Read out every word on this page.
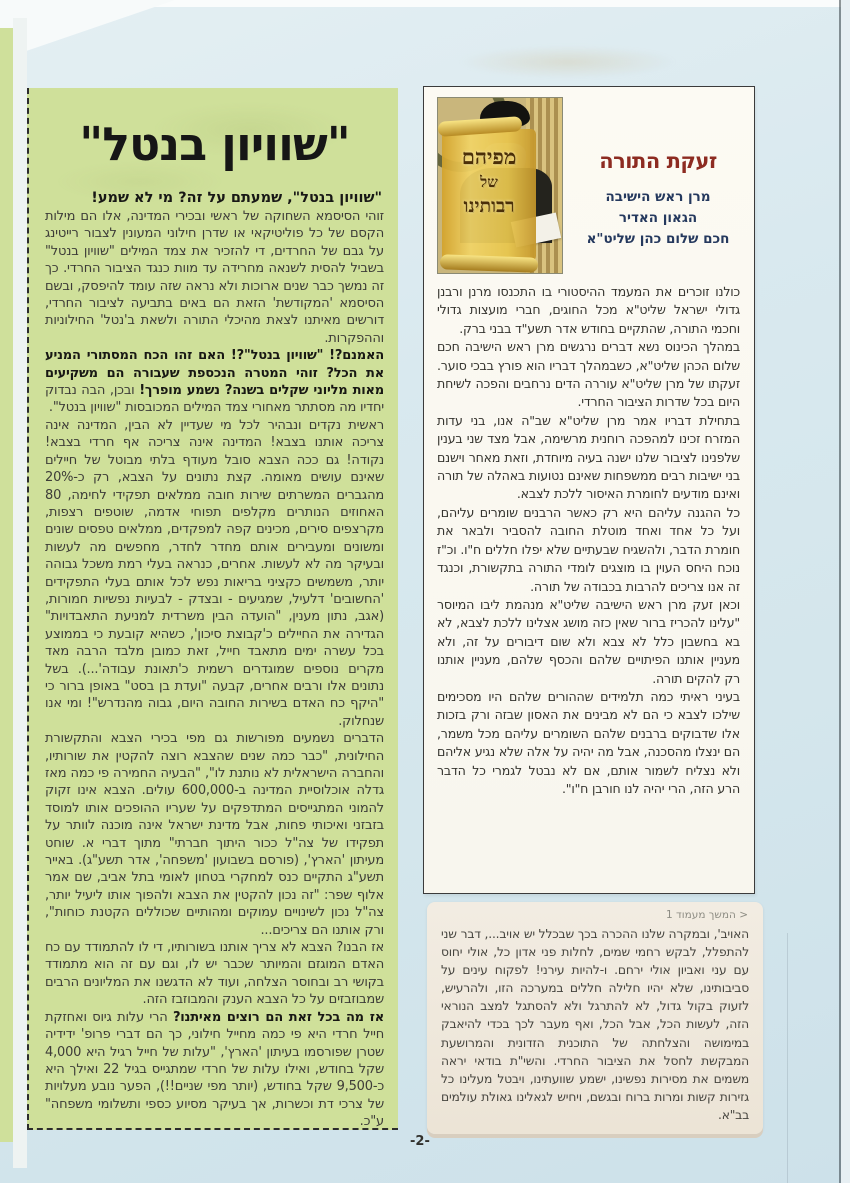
"שוויון בנטל"

"שוויון בנטל", שמעתם על זה? מי לא שמע!

זוהי הסיסמא השחוקה של ראשי ובכירי המדינה, אלו הם מילות הקסם של כל פוליטיקאי או שדרן חילוני המעונין לצבור רייטינג על גבם של החרדים, די להזכיר את צמד המילים "שוויון בנטל" בשביל להסית לשנאה מחרידה עד מוות כנגד הציבור החרדי. כך זה נמשך כבר שנים ארוכות ולא נראה שזה עומד להיפסק, ובשם הסיסמא 'המקודשת' הזאת הם באים בתביעה לציבור החרדי, דורשים מאיתנו לצאת מהיכלי התורה ולשאת ב'נטל' החילוניות וההפקרות.

האמנם?! "שוויון בנטל"?! האם זהו הכח המסתורי המניע את הכל? זוהי המטרה הנכספת שעבורה הם משקיעים מאות מליוני שקלים בשנה? נשמע מופרך! ובכן, הבה נבדוק יחדיו מה מסתתר מאחורי צמד המילים המכובסות "שוויון בנטל".

ראשית נקדים ונבהיר לכל מי שעדיין לא הבין, המדינה אינה צריכה אותנו בצבא! המדינה אינה צריכה אף חרדי בצבא! נקודה! גם ככה הצבא סובל מעודף בלתי מבוטל של חיילים שאינם עושים מאומה. קצת נתונים על הצבא, רק כ-20% מהגברים המשרתים שירות חובה ממלאים תפקידי לחימה, 80 האחוזים הנותרים מקלפים תפוחי אדמה, שוטפים רצפות, מקרצפים סירים, מכינים קפה למפקדים, ממלאים טפסים שונים ומשונים ומעבירים אותם מחדר לחדר, מחפשים מה לעשות ובעיקר מה לא לעשות. אחרים, כנראה בעלי רמת משכל גבוהה יותר, משמשים כקציני בריאות נפש לכל אותם בעלי התפקידים 'החשובים' דלעיל, שמגיעים - ובצדק - לבעיות נפשיות חמורות, (אגב, נתון מענין, "הועדה הבין משרדית למניעת התאבדויות" הגדירה את החיילים כ'קבוצת סיכון', כשהיא קובעת כי בממוצע בכל עשרה ימים מתאבד חייל, זאת כמובן מלבד הרבה מאד מקרים נוספים שמוגדרים רשמית כ'תאונת עבודה'...). בשל נתונים אלו ורבים אחרים, קבעה "ועדת בן בסט" באופן ברור כי "היקף כח האדם בשירות החובה היום, גבוה מהנדרש"! ומי אנו שנחלוק.

הדברים נשמעים מפורשות גם מפי בכירי הצבא והתקשורת החילונית, "כבר כמה שנים שהצבא רוצה להקטין את שורותיו, והחברה הישראלית לא נותנת לו", "הבעיה החמירה פי כמה מאז גדלה אוכלוסיית המדינה ב-600,000 עולים. הצבא אינו זקוק להמוני המתגייסים המתדפקים על שעריו ההופכים אותו למוסד בזבזני ואיכותי פחות, אבל מדינת ישראל אינה מוכנה לוותר על תפקידו של צה"ל ככור היתוך חברתי" מתוך דברי א. שוחט מעיתון 'הארץ', (פורסם בשבועון 'משפחה', אדר תשע"ג). באייר תשע"ג התקיים כנס למחקרי בטחון לאומי בתל אביב, שם אמר אלוף שפר: "זה נכון להקטין את הצבא ולהפוך אותו ליעיל יותר, צה"ל נכון לשינויים עמוקים ומהותיים שכוללים הקטנת כוחות", ורק אותנו הם צריכים...

אז הבנו? הצבא לא צריך אותנו בשורותיו, די לו להתמודד עם כח האדם המוגזם והמיותר שכבר יש לו, וגם עם זה הוא מתמודד בקושי רב ובחוסר הצלחה, ועוד לא הדגשנו את המליונים הרבים שמבוזבזים על כל הצבא הענק והמבוזבז הזה.

אז מה בכל זאת הם רוצים מאיתנו? הרי עלות גיוס ואחזקת חייל חרדי היא פי כמה מחייל חילוני, כך הם דברי פרופ' ידידיה שטרן שפורסמו בעיתון 'הארץ', "עלות של חייל רגיל היא 4,000 שקל בחודש, ואילו עלות של חרדי שמתגייס בגיל 22 ואילך היא כ-9,500 שקל בחודש, (יותר מפי שניים!!), הפער נובע מעלויות של צרכי דת וכשרות, אך בעיקר מסיוע כספי ותשלומי משפחה" ע"כ.

מפיהם
של
רבותינו
זעקת התורה
מרן ראש הישיבה
הגאון האדיר
חכם שלום כהן שליט"א

כולנו זוכרים את המעמד ההיסטורי בו התכנסו מרנן ורבנן גדולי ישראל שליט"א מכל החוגים, חברי מועצות גדולי וחכמי התורה, שהתקיים בחודש אדר תשע"ד בבני ברק.

במהלך הכינוס נשא דברים נרגשים מרן ראש הישיבה חכם שלום הכהן שליט"א, כשבמהלך דבריו הוא פורץ בבכי סוער. זעקתו של מרן שליט"א עוררה הדים נרחבים והפכה לשיחת היום בכל שדרות הציבור החרדי.

בתחילת דבריו אמר מרן שליט"א שב"ה אנו, בני עדות המזרח זכינו למהפכה רוחנית מרשימה, אבל מצד שני בענין שלפנינו לציבור שלנו ישנה בעיה מיוחדת, וזאת מאחר וישנם בני ישיבות רבים ממשפחות שאינם נטועות באהלה של תורה ואינם מודעים לחומרת האיסור ללכת לצבא.

כל ההגנה עליהם היא רק כאשר הרבנים שומרים עליהם, ועל כל אחד ואחד מוטלת החובה להסביר ולבאר את חומרת הדבר, ולהשגיח שבעתיים שלא יפלו חללים ח"ו. וכ"ז נוכח היחס העוין בו מוצגים לומדי התורה בתקשורת, וכנגד זה אנו צריכים להרבות בכבודה של תורה.

וכאן זעק מרן ראש הישיבה שליט"א מנהמת ליבו המיוסר "עלינו להכריז ברור שאין כזה מושג אצלינו ללכת לצבא, לא בא בחשבון כלל לא צבא ולא שום דיבורים על זה, ולא מעניין אותנו הפיתויים שלהם והכסף שלהם, מעניין אותנו רק להקים תורה.

בעיני ראיתי כמה תלמידים שההורים שלהם היו מסכימים שילכו לצבא כי הם לא מבינים את האסון שבזה ורק בזכות אלו שדבוקים ברבנים שלהם השומרים עליהם מכל משמר, הם ינצלו מהסכנה, אבל מה יהיה על אלה שלא נגיע אליהם ולא נצליח לשמור אותם, אם לא נבטל לגמרי כל הדבר הרע הזה, הרי יהיה לנו חורבן ח"ו".

< המשך מעמוד 1

האויב', ובמקרה שלנו ההכרה בכך שבכלל יש אויב..., דבר שני להתפלל, לבקש רחמי שמים, לחלות פני אדון כל, אולי יחוס עם עני ואביון אולי ירחם. ו-להיות עירני! לפקוח עינים על סביבותינו, שלא יהיו חלילה חללים במערכה הזו, ולהרעיש, לזעוק בקול גדול, לא להתרגל ולא להסתגל למצב הנוראי הזה, לעשות הכל, אבל הכל, ואף מעבר לכך בכדי להיאבק במימושה והצלחתה של התוכנית הזדונית והמרושעת המבקשת לחסל את הציבור החרדי. והשי"ת בודאי יראה משמים את מסירות נפשינו, ישמע שוועתינו, ויבטל מעלינו כל גזירות קשות ומרות ברוח ובגשם, ויחיש לגאלינו גאולת עולמים בב"א.

-2-
